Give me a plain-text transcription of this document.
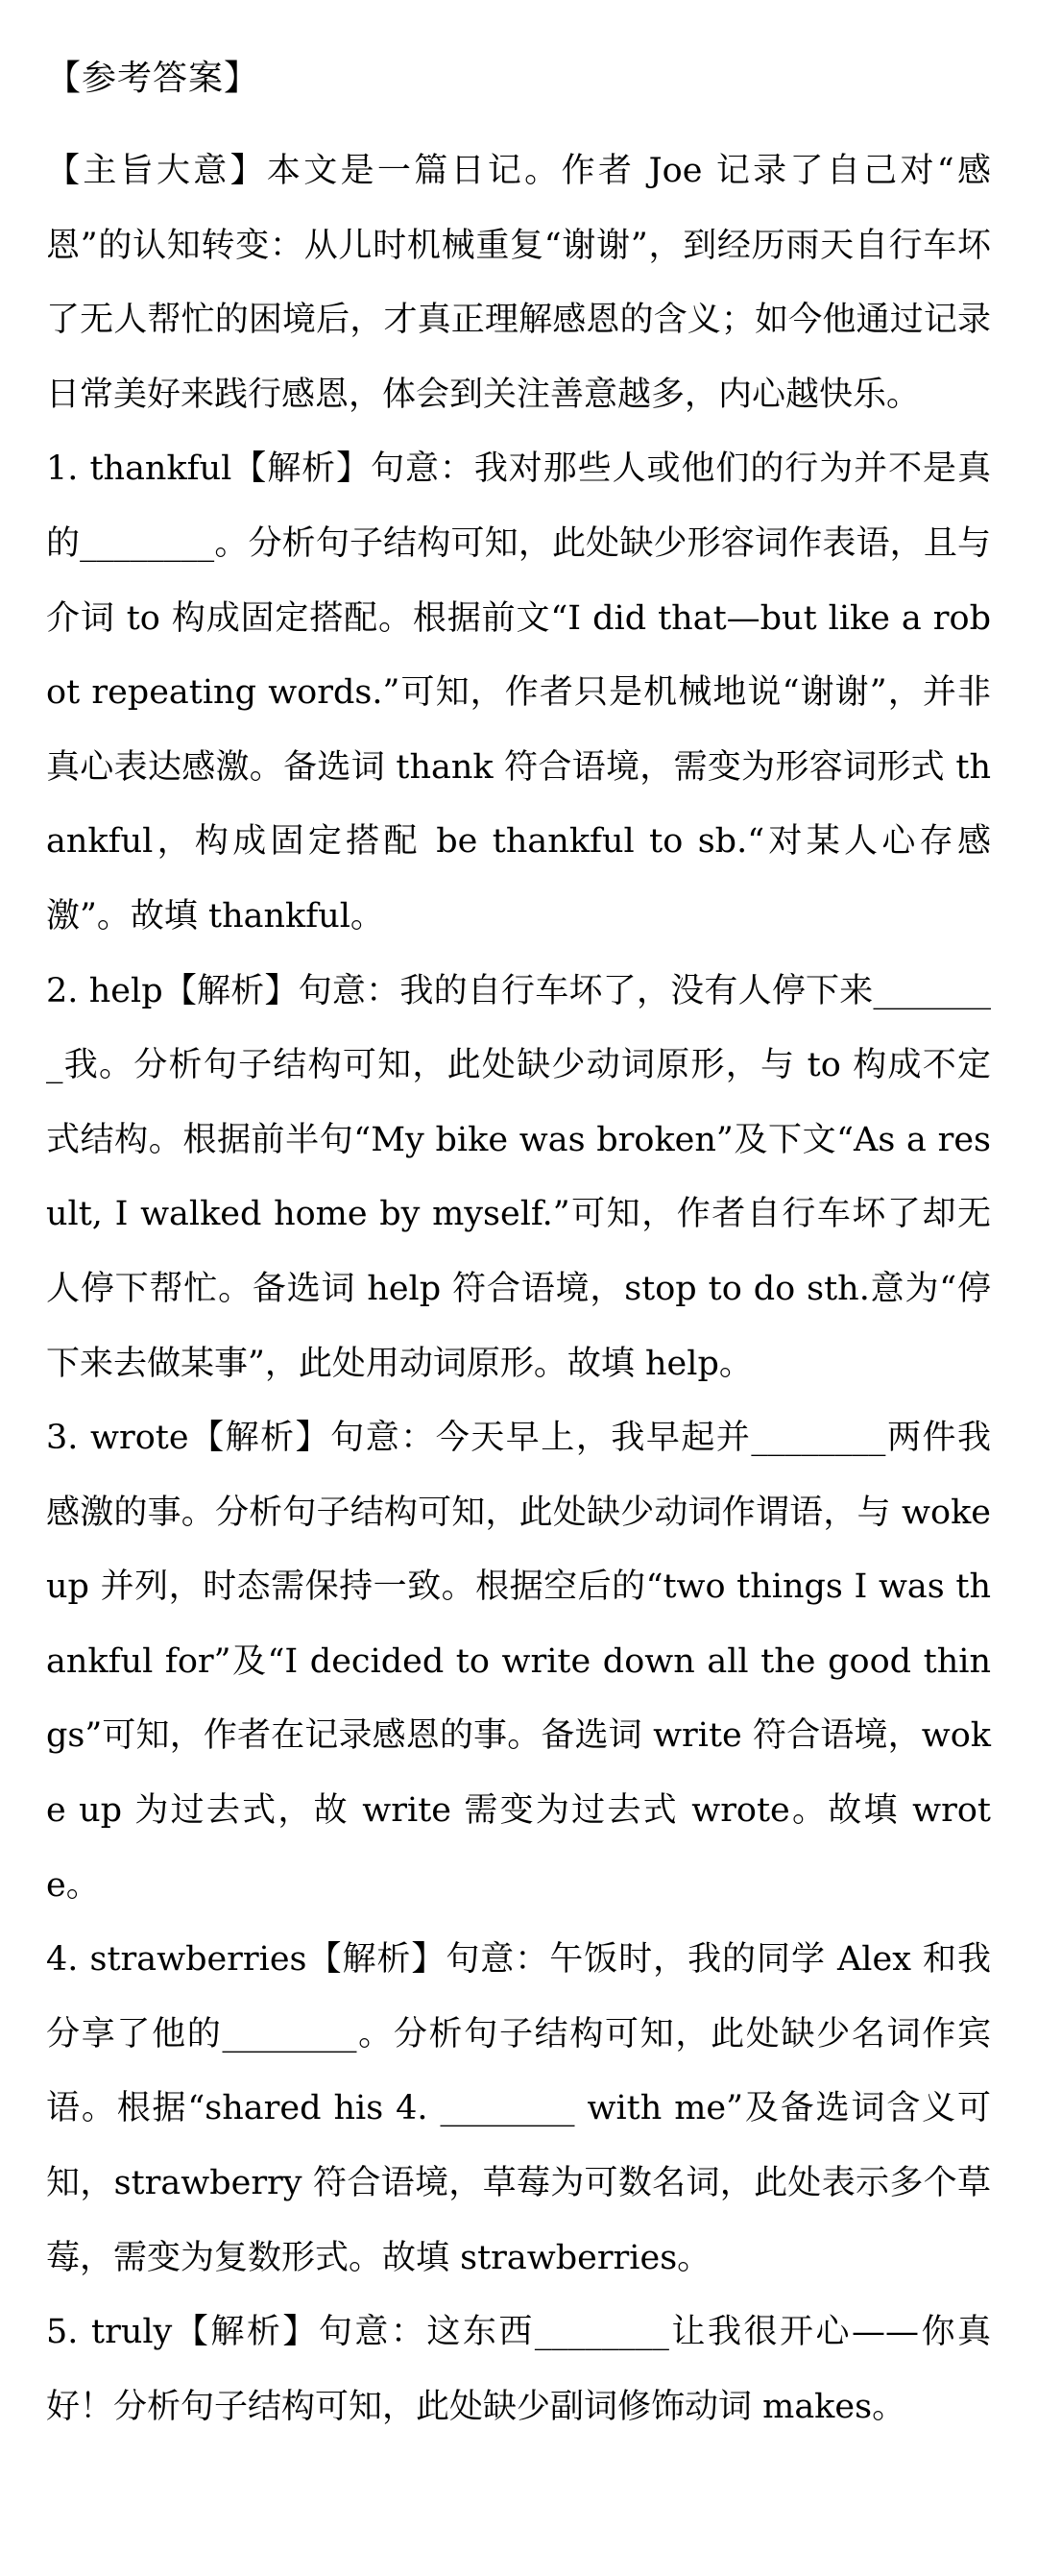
【参考答案】

【主旨大意】本文是一篇日记。作者 Joe 记录了自己对“感恩”的认知转变：从儿时机械重复“谢谢”，到经历雨天自行车坏了无人帮忙的困境后，才真正理解感恩的含义；如今他通过记录日常美好来践行感恩，体会到关注善意越多，内心越快乐。

1. thankful【解析】句意：我对那些人或他们的行为并不是真的________。分析句子结构可知，此处缺少形容词作表语，且与介词 to 构成固定搭配。根据前文“I did that—but like a robot repeating words.”可知，作者只是机械地说“谢谢”，并非真心表达感激。备选词 thank 符合语境，需变为形容词形式 thankful，构成固定搭配 be thankful to sb.“对某人心存感激”。故填 thankful。

2. help【解析】句意：我的自行车坏了，没有人停下来________我。分析句子结构可知，此处缺少动词原形，与 to 构成不定式结构。根据前半句“My bike was broken”及下文“As a result, I walked home by myself.”可知，作者自行车坏了却无人停下帮忙。备选词 help 符合语境，stop to do sth.意为“停下来去做某事”，此处用动词原形。故填 help。

3. wrote【解析】句意：今天早上，我早起并________两件我感激的事。分析句子结构可知，此处缺少动词作谓语，与 woke up 并列，时态需保持一致。根据空后的“two things I was thankful for”及“I decided to write down all the good things”可知，作者在记录感恩的事。备选词 write 符合语境，woke up 为过去式，故 write 需变为过去式 wrote。故填 wrote。

4. strawberries【解析】句意：午饭时，我的同学 Alex 和我分享了他的________。分析句子结构可知，此处缺少名词作宾语。根据“shared his 4. ________ with me”及备选词含义可知，strawberry 符合语境，草莓为可数名词，此处表示多个草莓，需变为复数形式。故填 strawberries。

5. truly【解析】句意：这东西________让我很开心——你真好！分析句子结构可知，此处缺少副词修饰动词 makes。
